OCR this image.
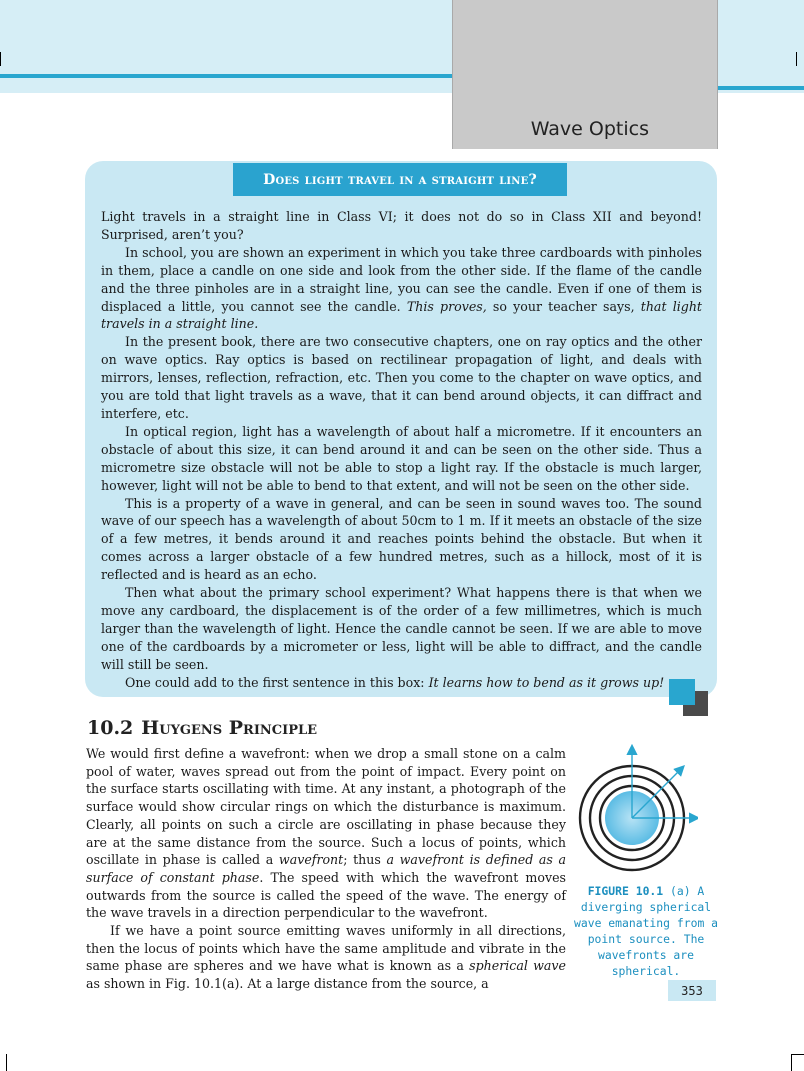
Wave Optics
Does light travel in a straight line?

Light travels in a straight line in Class VI; it does not do so in Class XII and beyond! Surprised, aren’t you?

In school, you are shown an experiment in which you take three cardboards with pinholes in them, place a candle on one side and look from the other side. If the flame of the candle and the three pinholes are in a straight line, you can see the candle. Even if one of them is displaced a little, you cannot see the candle. This proves, so your teacher says, that light travels in a straight line.

In the present book, there are two consecutive chapters, one on ray optics and the other on wave optics. Ray optics is based on rectilinear propagation of light, and deals with mirrors, lenses, reflection, refraction, etc. Then you come to the chapter on wave optics, and you are told that light travels as a wave, that it can bend around objects, it can diffract and interfere, etc.

In optical region, light has a wavelength of about half a micrometre. If it encounters an obstacle of about this size, it can bend around it and can be seen on the other side. Thus a micrometre size obstacle will not be able to stop a light ray. If the obstacle is much larger, however, light will not be able to bend to that extent, and will not be seen on the other side.

This is a property of a wave in general, and can be seen in sound waves too. The sound wave of our speech has a wavelength of about 50cm to 1 m. If it meets an obstacle of the size of a few metres, it bends around it and reaches points behind the obstacle. But when it comes across a larger obstacle of a few hundred metres, such as a hillock, most of it is reflected and is heard as an echo.

Then what about the primary school experiment? What happens there is that when we move any cardboard, the displacement is of the order of a few millimetres, which is much larger than the wavelength of light. Hence the candle cannot be seen. If we are able to move one of the cardboards by a micrometer or less, light will be able to diffract, and the candle will still be seen.

One could add to the first sentence in this box: It learns how to bend as it grows up!

10.2 Huygens Principle

We would first define a wavefront: when we drop a small stone on a calm pool of water, waves spread out from the point of impact. Every point on the surface starts oscillating with time. At any instant, a photograph of the surface would show circular rings on which the disturbance is maximum. Clearly, all points on such a circle are oscillating in phase because they are at the same distance from the source. Such a locus of points, which oscillate in phase is called a wavefront; thus a wavefront is defined as a surface of constant phase. The speed with which the wavefront moves outwards from the source is called the speed of the wave. The energy of the wave travels in a direction perpendicular to the wavefront.

If we have a point source emitting waves uniformly in all directions, then the locus of points which have the same amplitude and vibrate in the same phase are spheres and we have what is known as a spherical wave as shown in Fig. 10.1(a). At a large distance from the source, a

FIGURE 10.1 (a) A diverging spherical wave emanating from a point source. The wavefronts are spherical.
353
